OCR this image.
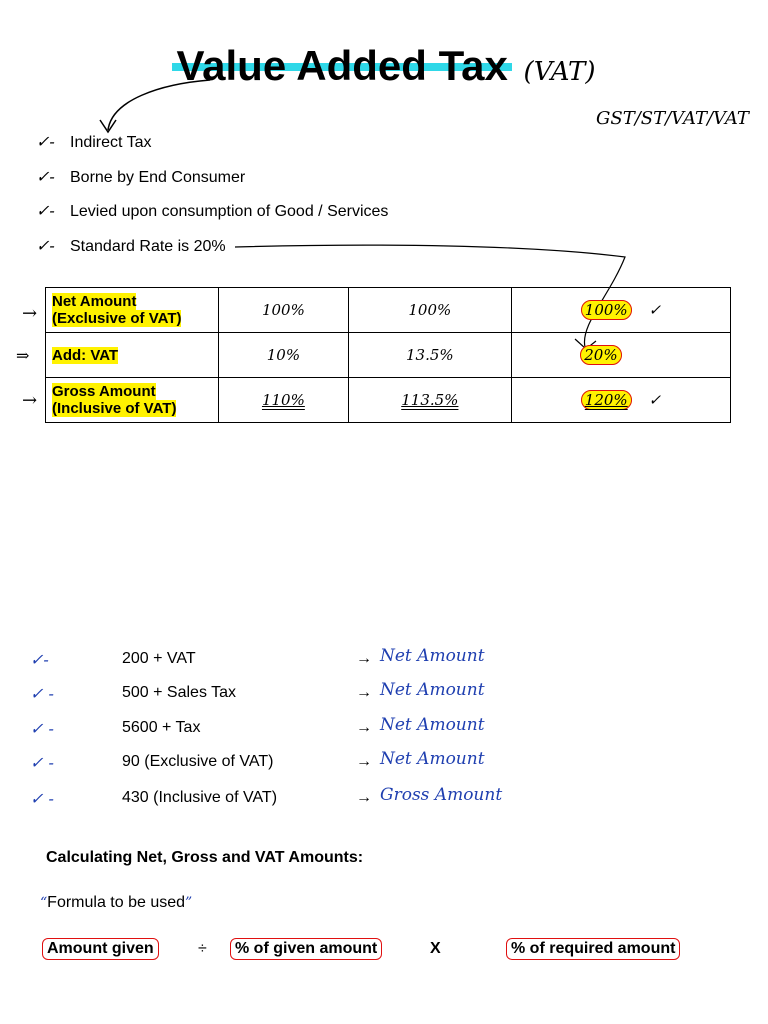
Value Added Tax (VAT)
GST/ST/VAT/VAT
✓- Indirect Tax
✓- Borne by End Consumer
✓- Levied upon consumption of Good / Services
✓- Standard Rate is 20%
→
⇒
→
Net Amount
(Exclusive of VAT)	100%	100%	100% ✓
Add: VAT	10%	13.5%	20%
Gross Amount
(Inclusive of VAT)	110%	113.5%	120% ✓
✓-	200 + VAT	→ Net Amount
✓ -	500 + Sales Tax	→ Net Amount
✓ -	5600 + Tax	→ Net Amount
✓ -	90 (Exclusive of VAT)	→ Net Amount
✓ -	430 (Inclusive of VAT)	→ Gross Amount
Calculating Net, Gross and VAT Amounts:
“Formula to be used”
Amount given	÷	% of given amount	X	% of required amount
